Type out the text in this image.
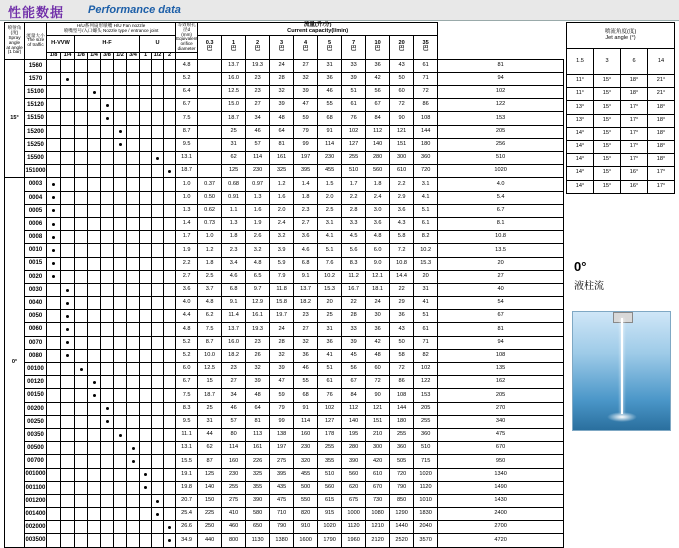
性能数据 Performance data
喷射角(度)
Spray angle
at angle (1 bar)	流量大小
The size of traffic	H/U系列扇形喷嘴 H/U Fan nozzle
喷嘴型号/入口螺头 Nozzle type / entrance joint										等效喷孔径d
(mm)
Equivalent orifice diameter	流量(升/分)
Current capacity(l/min)										
		H-VVW		H-F					U				0.3
巴	1
巴	2
巴	3
巴	4
巴	5
巴	7
巴	10
巴	20
巴	35
巴	
		1/8	1/4	1/8	1/4	3/8	1/2	3/4	1	1/2	2												
15°	1560											4.8		13.7	19.3	24	27	31	33	36	43	61	81
	1570											5.2		16.0	23	28	32	36	39	42	50	71	94
	15100											6.4		12.5	23	32	39	46	51	56	60	72	102
	15120											6.7		15.0	27	39	47	55	61	67	72	86	122
	15150											7.5		18.7	34	48	59	68	76	84	90	108	153
	15200											8.7		25	46	64	79	91	102	112	121	144	205
	15250											9.5		31	57	81	99	114	127	140	151	180	256
	15500											13.1		62	114	161	197	230	255	280	300	360	510
	151000											18.7		125	230	325	395	455	510	560	610	720	1020
0°	0003											1.0	0.37	0.68	0.97	1.2	1.4	1.5	1.7	1.8	2.2	3.1	4.0
	0004											1.0	0.50	0.91	1.3	1.6	1.8	2.0	2.2	2.4	2.9	4.1	5.4
	0005											1.3	0.62	1.1	1.6	2.0	2.3	2.5	2.8	3.0	3.6	5.1	6.7
	0006											1.4	0.73	1.3	1.9	2.4	2.7	3.1	3.3	3.6	4.3	6.1	8.1
	0008											1.7	1.0	1.8	2.6	3.2	3.6	4.1	4.5	4.8	5.8	8.2	10.8
	0010											1.9	1.2	2.3	3.2	3.9	4.6	5.1	5.6	6.0	7.2	10.2	13.5
	0015											2.2	1.8	3.4	4.8	5.9	6.8	7.6	8.3	9.0	10.8	15.3	20
	0020											2.7	2.5	4.6	6.5	7.9	9.1	10.2	11.2	12.1	14.4	20	27
	0030											3.6	3.7	6.8	9.7	11.8	13.7	15.3	16.7	18.1	22	31	40
	0040											4.0	4.8	9.1	12.9	15.8	18.2	20	22	24	29	41	54
	0050											4.4	6.2	11.4	16.1	19.7	23	25	28	30	36	51	67
	0060											4.8	7.5	13.7	19.3	24	27	31	33	36	43	61	81
	0070											5.2	8.7	16.0	23	28	32	36	39	42	50	71	94
	0080											5.2	10.0	18.2	26	32	36	41	45	48	58	82	108
	00100											6.0	12.5	23	32	39	46	51	56	60	72	102	135
	00120											6.7	15	27	39	47	55	61	67	72	86	122	162
	00150											7.5	18.7	34	48	59	68	76	84	90	108	153	205
	00200											8.3	25	46	64	79	91	102	112	121	144	205	270
	00250											9.5	31	57	81	99	114	127	140	151	180	255	340
	00350											11.1	44	80	113	138	160	178	195	210	255	360	475
	00500											13.1	62	114	161	197	230	255	280	300	360	510	670
	00700											15.5	87	160	226	275	320	355	390	420	505	715	950
	001000											19.1	125	230	325	395	455	510	560	610	720	1020	1340
	001100											19.8	140	255	355	435	500	560	620	670	790	1120	1490
	001200											20.7	150	275	390	475	550	615	675	730	850	1010	1430
	001400											25.4	225	410	580	710	820	915	1000	1080	1290	1830	2400
	002000											26.6	250	460	650	790	910	1020	1120	1210	1440	2040	2700
	003500											34.9	440	800	1130	1380	1600	1790	1960	2120	2520	3570	4720
喷流角度(度)
Jet angle (°)			
1.5	3	6	14
11°	15°	18°	21°
11°	15°	18°	21°
13°	15°	17°	18°
13°	15°	17°	18°
14°	15°	17°	18°
14°	15°	17°	18°
14°	15°	17°	18°
14°	15°	16°	17°
14°	15°	16°	17°
0°
液柱流
